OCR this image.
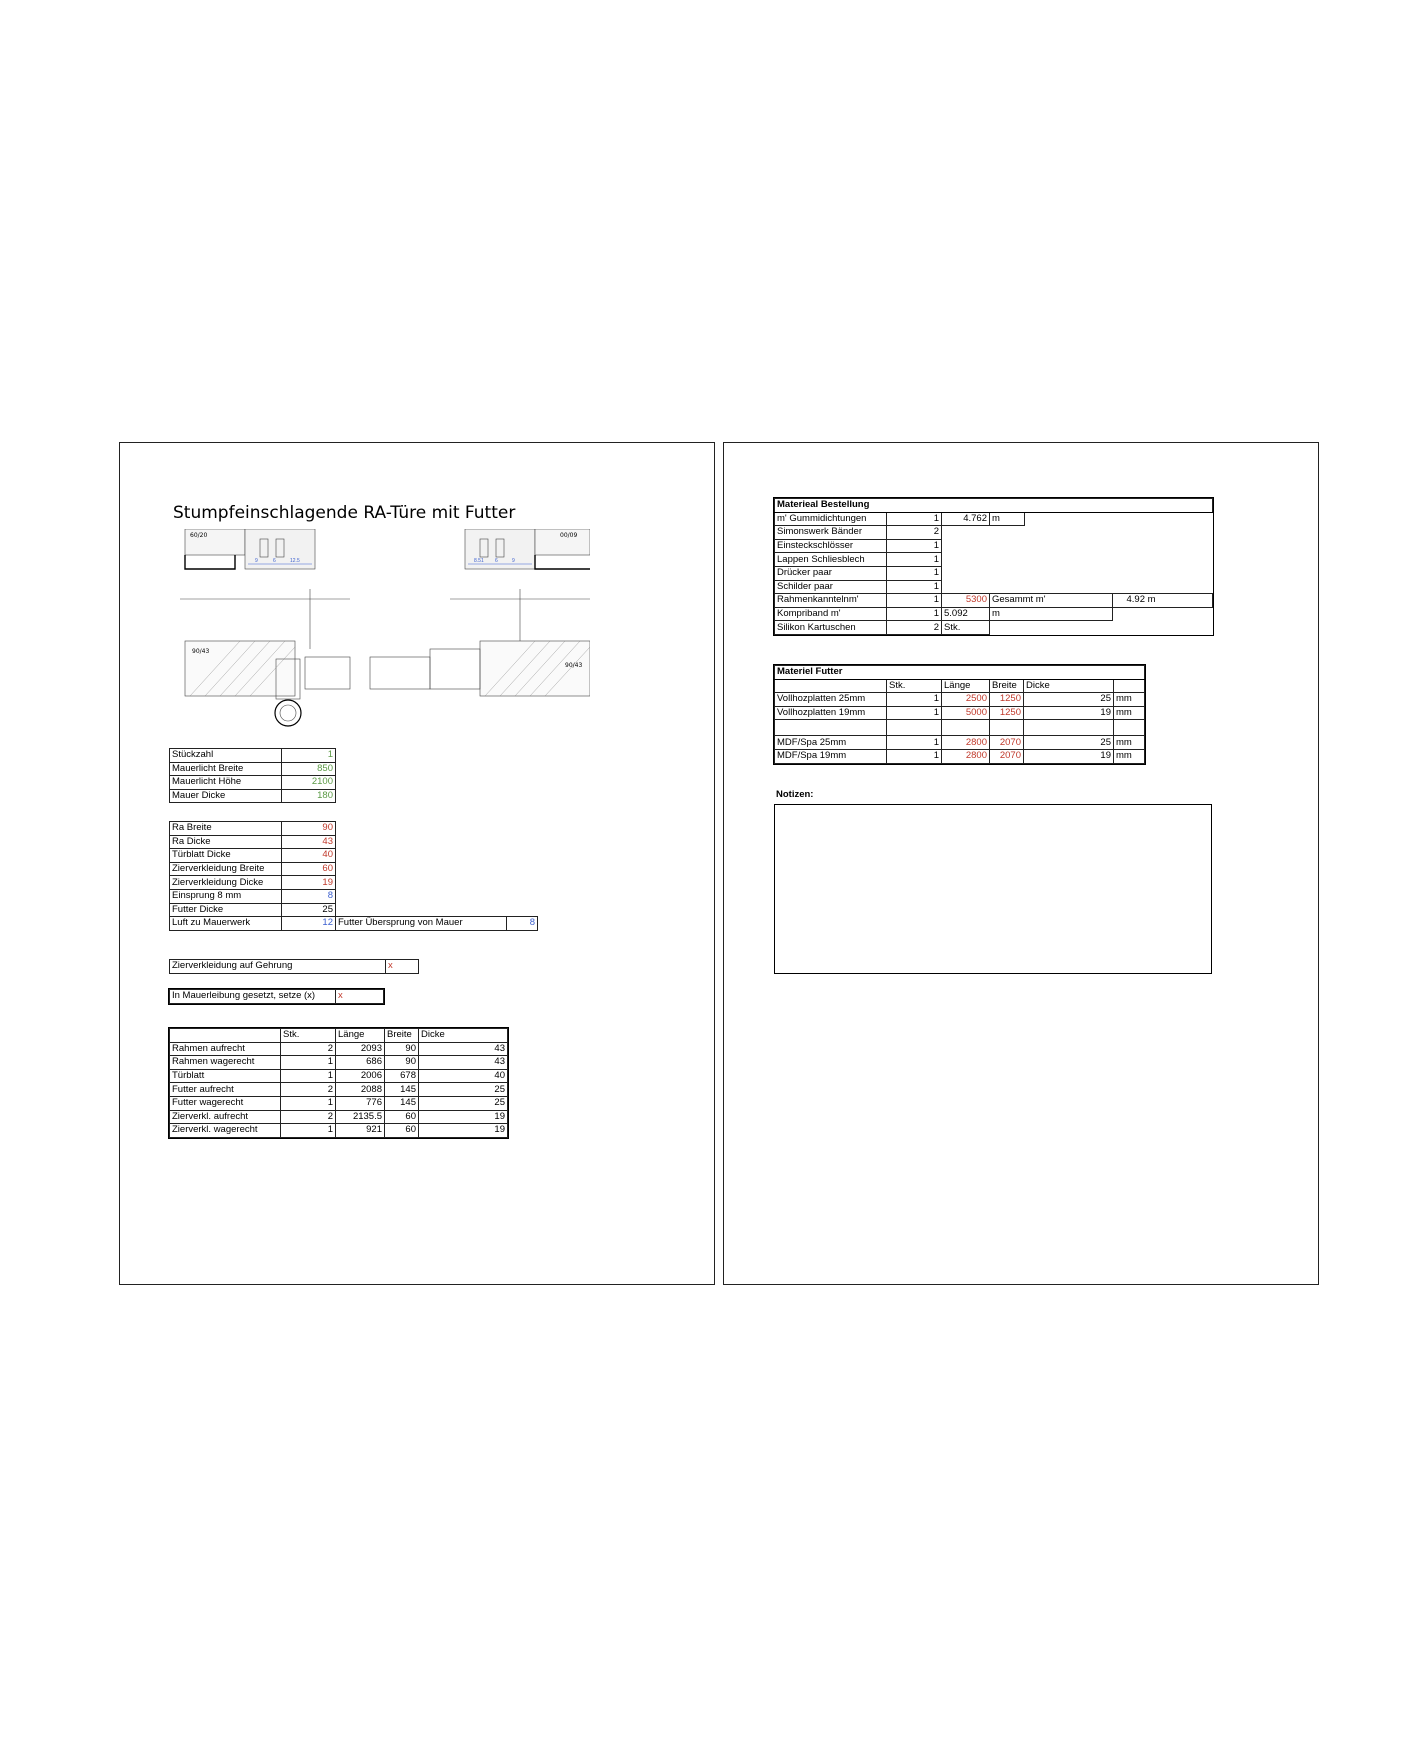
Stumpfeinschlagende RA-Türe mit Futter
60/20	00/09
90/43
90/43
9	6	12.5	8.51 6	9
Stückzahl	1
Mauerlicht Breite	850
Mauerlicht Höhe	2100
Mauer Dicke	180
Ra Breite	90		
Ra Dicke	43		
Türblatt Dicke	40		
Zierverkleidung Breite	60		
Zierverkleidung Dicke	19		
Einsprung 8 mm	8		
Futter Dicke	25		
Luft zu Mauerwerk	12	Futter Übersprung von Mauer	8
Zierverkleidung auf Gehrung	x
In Mauerleibung gesetzt, setze (x)	x
	Stk.	Länge	Breite	Dicke
Rahmen aufrecht	2	2093	90	43
Rahmen wagerecht	1	686	90	43
Türblatt	1	2006	678	40
Futter aufrecht	2	2088	145	25
Futter wagerecht	1	776	145	25
Zierverkl. aufrecht	2	2135.5	60	19
Zierverkl. wagerecht	1	921	60	19
Materieal Bestellung					
m' Gummidichtungen	1	4.762	m		
Simonswerk Bänder	2				
Einsteckschlösser	1				
Lappen Schliesblech	1				
Drücker paar	1				
Schilder paar	1				
Rahmenkanntelnm'	1	5300	Gesammt m'		4.92 m
Kompriband m'	1	5.092	m		
Silikon Kartuschen	2	Stk.			
Materiel Futter					
	Stk.	Länge	Breite	Dicke	
Vollhozplatten 25mm	1	2500	1250	25	mm
Vollhozplatten 19mm	1	5000	1250	19	mm

MDF/Spa 25mm	1	2800	2070	25	mm
MDF/Spa 19mm	1	2800	2070	19	mm
Notizen:
